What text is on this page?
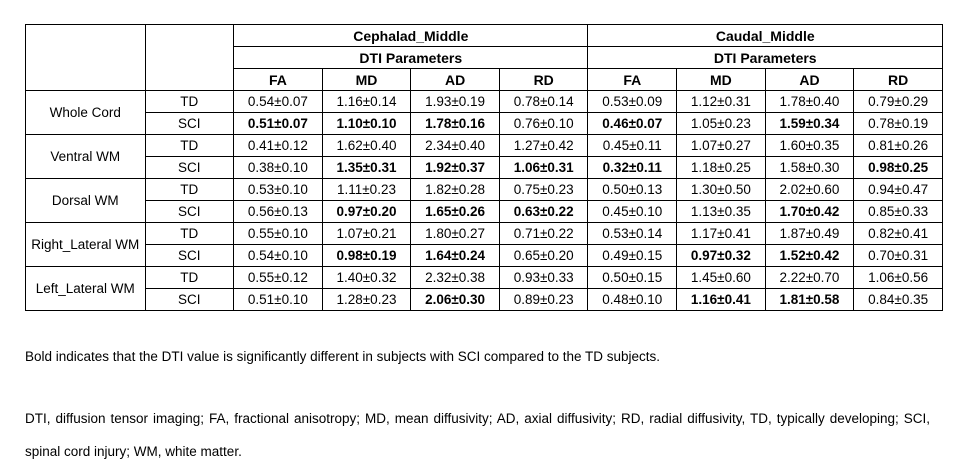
		Cephalad_Middle				Caudal_Middle			
		DTI Parameters				DTI Parameters			
		FA	MD	AD	RD	FA	MD	AD	RD
Whole Cord	TD	0.54±0.07	1.16±0.14	1.93±0.19	0.78±0.14	0.53±0.09	1.12±0.31	1.78±0.40	0.79±0.29
	SCI	0.51±0.07	1.10±0.10	1.78±0.16	0.76±0.10	0.46±0.07	1.05±0.23	1.59±0.34	0.78±0.19
Ventral WM	TD	0.41±0.12	1.62±0.40	2.34±0.40	1.27±0.42	0.45±0.11	1.07±0.27	1.60±0.35	0.81±0.26
	SCI	0.38±0.10	1.35±0.31	1.92±0.37	1.06±0.31	0.32±0.11	1.18±0.25	1.58±0.30	0.98±0.25
Dorsal WM	TD	0.53±0.10	1.11±0.23	1.82±0.28	0.75±0.23	0.50±0.13	1.30±0.50	2.02±0.60	0.94±0.47
	SCI	0.56±0.13	0.97±0.20	1.65±0.26	0.63±0.22	0.45±0.10	1.13±0.35	1.70±0.42	0.85±0.33
Right_Lateral WM	TD	0.55±0.10	1.07±0.21	1.80±0.27	0.71±0.22	0.53±0.14	1.17±0.41	1.87±0.49	0.82±0.41
	SCI	0.54±0.10	0.98±0.19	1.64±0.24	0.65±0.20	0.49±0.15	0.97±0.32	1.52±0.42	0.70±0.31
Left_Lateral WM	TD	0.55±0.12	1.40±0.32	2.32±0.38	0.93±0.33	0.50±0.15	1.45±0.60	2.22±0.70	1.06±0.56
	SCI	0.51±0.10	1.28±0.23	2.06±0.30	0.89±0.23	0.48±0.10	1.16±0.41	1.81±0.58	0.84±0.35

Bold indicates that the DTI value is significantly different in subjects with SCI compared to the TD subjects.

DTI, diffusion tensor imaging; FA, fractional anisotropy; MD, mean diffusivity; AD, axial diffusivity; RD, radial diffusivity, TD, typically developing; SCI, spinal cord injury; WM, white matter.
